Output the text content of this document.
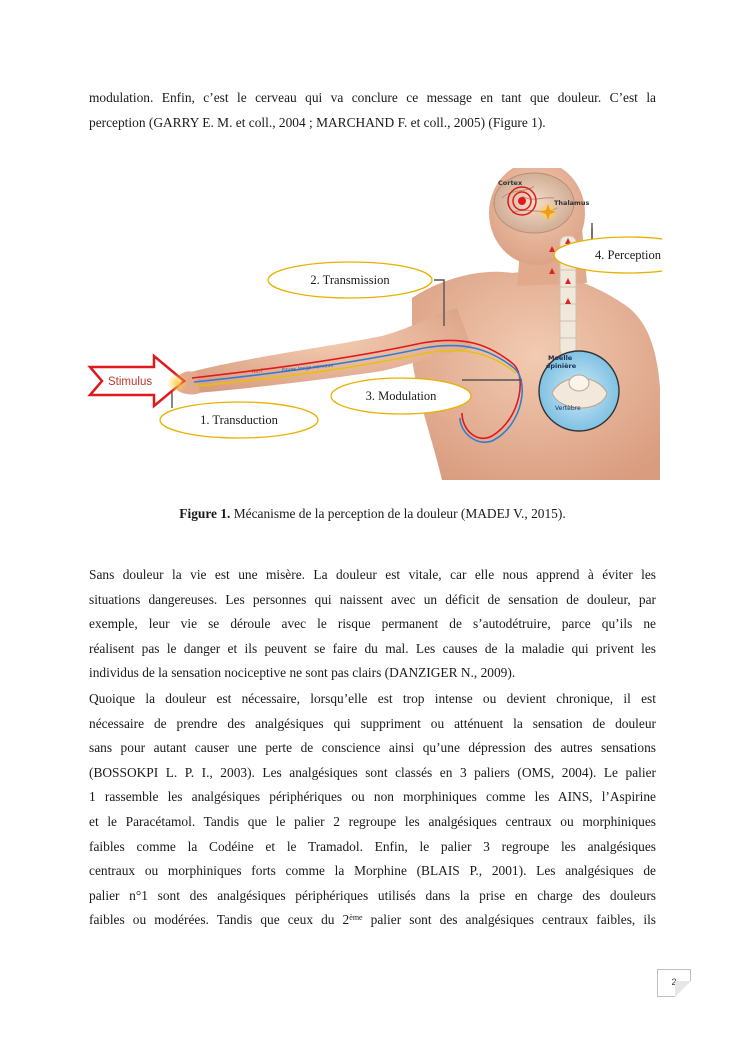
modulation. Enfin, c’est le cerveau qui va conclure ce message en tant que douleur. C’est la
perception (GARRY E. M. et coll., 2004 ; MARCHAND F. et coll., 2005) (Figure 1).
Cortex
Thalamus
Nerf	Fibres longs nerveux
Moelle
épinière
Vertèbre
Stimulus
1. Transduction
2. Transmission
3. Modulation
4. Perception
Figure 1. Mécanisme de la perception de la douleur (MADEJ V., 2015).
Sans douleur la vie est une misère. La douleur est vitale, car elle nous apprend à éviter les
situations dangereuses. Les personnes qui naissent avec un déficit de sensation de douleur, par
exemple, leur vie se déroule avec le risque permanent de s’autodétruire, parce qu’ils ne
réalisent pas le danger et ils peuvent se faire du mal. Les causes de la maladie qui privent les
individus de la sensation nociceptive ne sont pas clairs (DANZIGER N., 2009).
Quoique la douleur est nécessaire, lorsqu’elle est trop intense ou devient chronique, il est
nécessaire de prendre des analgésiques qui suppriment ou atténuent la sensation de douleur
sans pour autant causer une perte de conscience ainsi qu’une dépression des autres sensations
(BOSSOKPI L. P. I., 2003). Les analgésiques sont classés en 3 paliers (OMS, 2004). Le palier
1 rassemble les analgésiques périphériques ou non morphiniques comme les AINS, l’Aspirine
et le Paracétamol. Tandis que le palier 2 regroupe les analgésiques centraux ou morphiniques
faibles comme la Codéine et le Tramadol. Enfin, le palier 3 regroupe les analgésiques
centraux ou morphiniques forts comme la Morphine (BLAIS P., 2001). Les analgésiques de
palier n°1 sont des analgésiques périphériques utilisés dans la prise en charge des douleurs
faibles ou modérées. Tandis que ceux du 2ème palier sont des analgésiques centraux faibles, ils
2
